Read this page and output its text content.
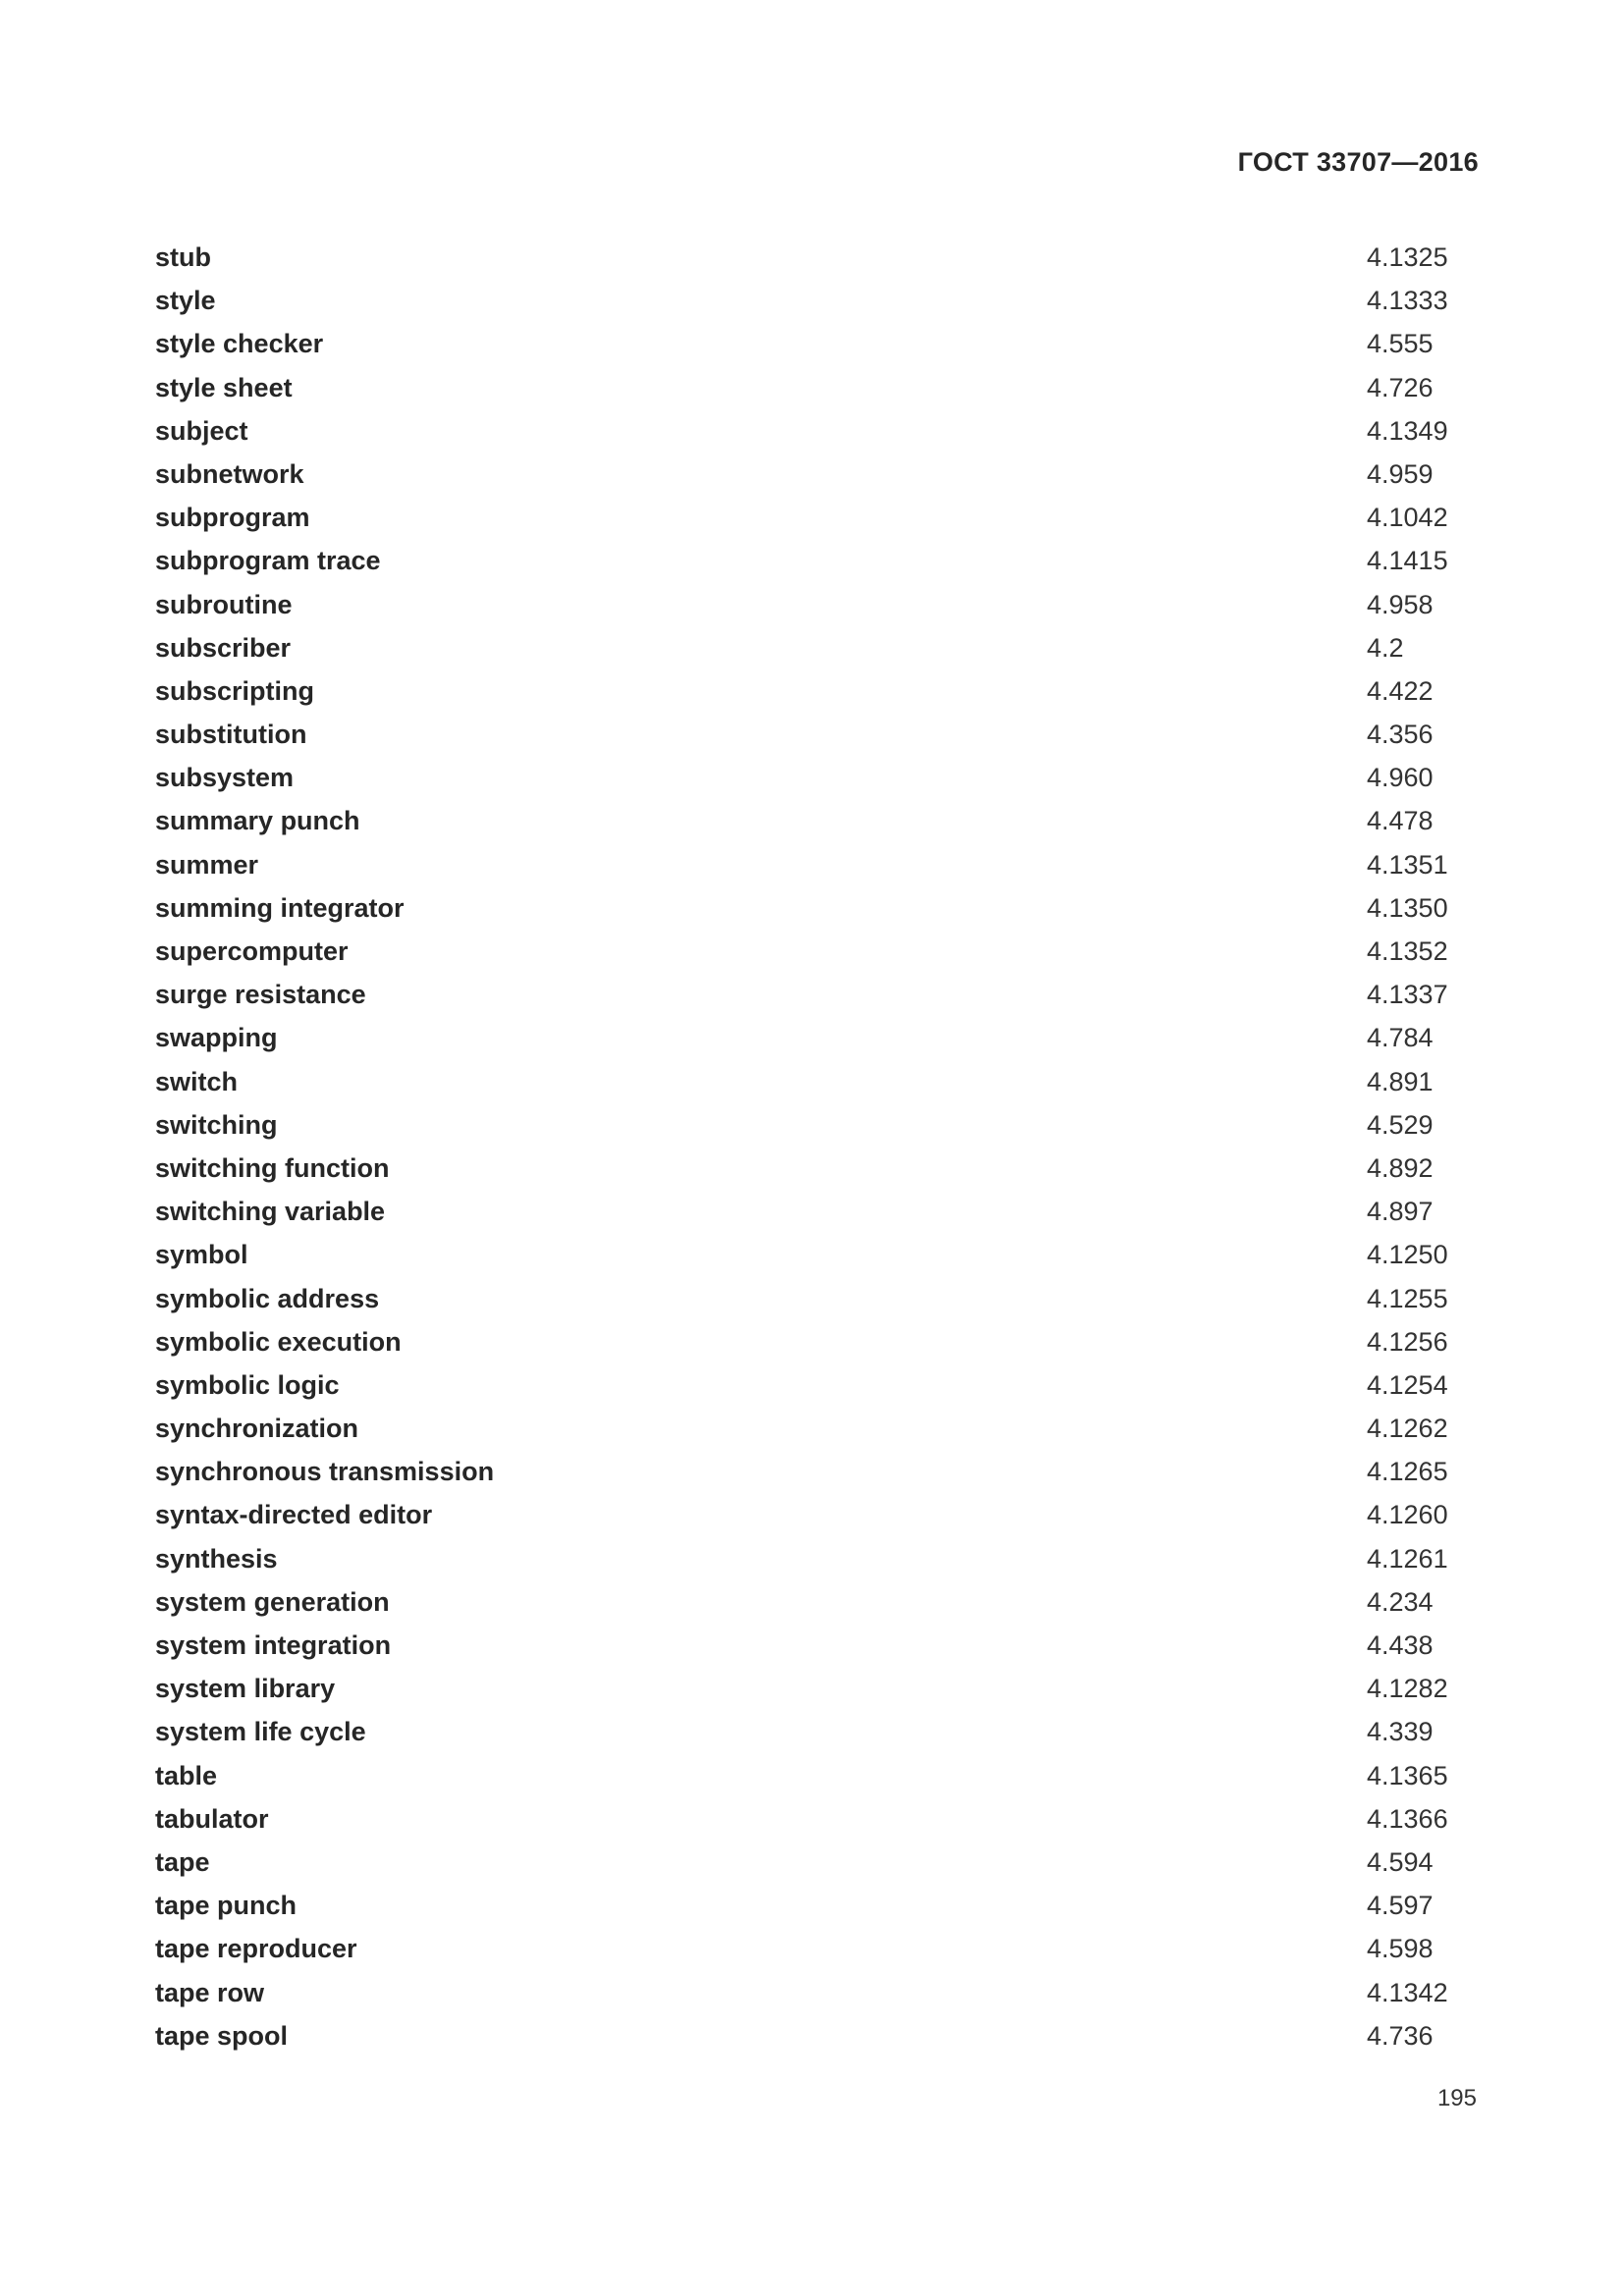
ГОСТ 33707—2016
stub	4.1325
style	4.1333
style checker	4.555
style sheet	4.726
subject	4.1349
subnetwork	4.959
subprogram	4.1042
subprogram trace	4.1415
subroutine	4.958
subscriber	4.2
subscripting	4.422
substitution	4.356
subsystem	4.960
summary punch	4.478
summer	4.1351
summing integrator	4.1350
supercomputer	4.1352
surge resistance	4.1337
swapping	4.784
switch	4.891
switching	4.529
switching function	4.892
switching variable	4.897
symbol	4.1250
symbolic address	4.1255
symbolic execution	4.1256
symbolic logic	4.1254
synchronization	4.1262
synchronous transmission	4.1265
syntax-directed editor	4.1260
synthesis	4.1261
system generation	4.234
system integration	4.438
system library	4.1282
system life cycle	4.339
table	4.1365
tabulator	4.1366
tape	4.594
tape punch	4.597
tape reproducer	4.598
tape row	4.1342
tape spool	4.736
195
